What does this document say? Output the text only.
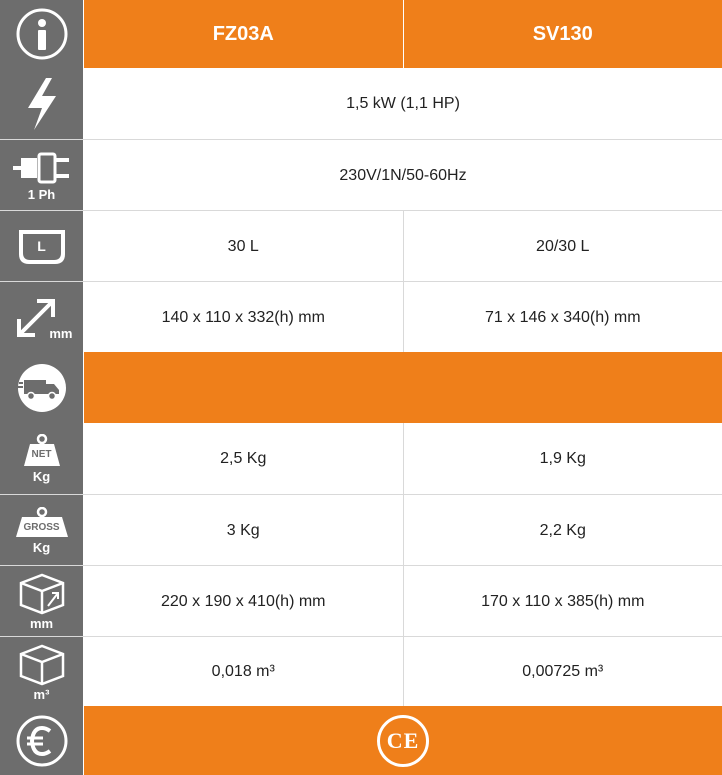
FZ03A	SV130
1,5 kW (1,1 HP)
1 Ph
230V/1N/50-60Hz
L	30 L	20/30 L
mm
140 x 110 x 332(h) mm	71 x 146 x 340(h) mm
NET
Kg
2,5 Kg	1,9 Kg
GROSS
Kg
3 Kg	2,2 Kg
mm
220 x 190 x 410(h) mm	170 x 110 x 385(h) mm
m³
0,018 m³	0,00725 m³
CE
